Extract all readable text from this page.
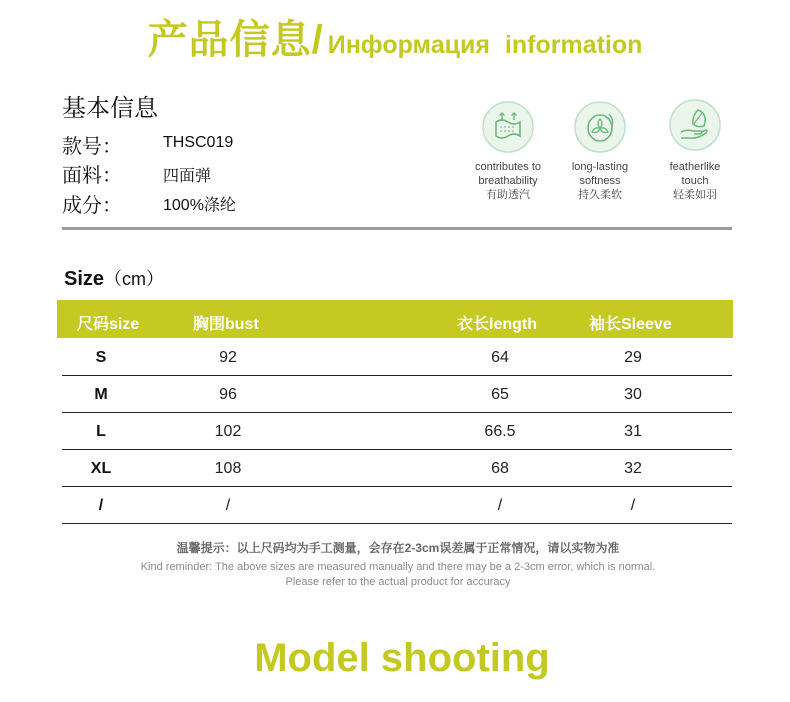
产品信息/ Информация information
基本信息
款号：	THSC019
面料：	四面弹
成分：	100%涤纶
contributes to
breathability
有助透汽
long-lasting
softness
持久柔软
featherlike
touch
轻柔如羽
Size（cm）
尺码size	胸围bust	衣长length	袖长Sleeve
S	92	64	29
M	96	65	30
L	102	66.5	31
XL	108	68	32
/	/	/	/
温馨提示：以上尺码均为手工测量，会存在2-3cm误差属于正常情况，请以实物为准
Kind reminder: The above sizes are measured manually and there may be a 2-3cm error, which is normal.
Please refer to the actual product for accuracy
Model shooting
